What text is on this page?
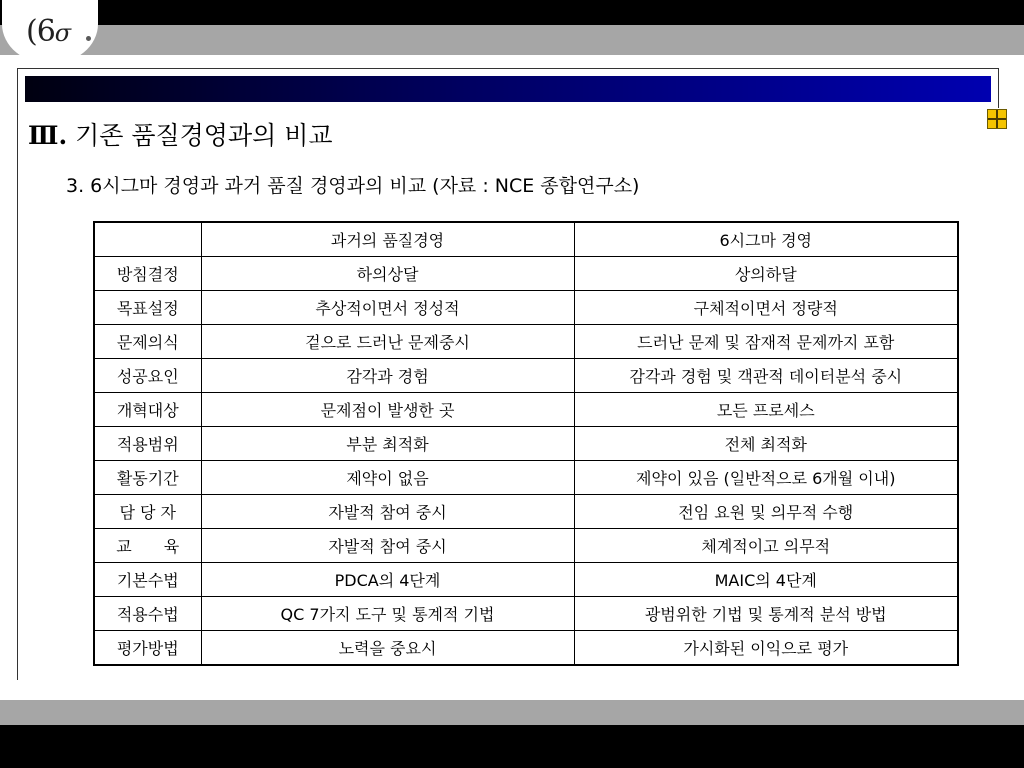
(6σ
Ⅲ. 기존 품질경영과의 비교
3. 6시그마 경영과 과거 품질 경영과의 비교 (자료 : NCE 종합연구소)
	과거의 품질경영	6시그마 경영
방침결정	하의상달	상의하달
목표설정	추상적이면서 정성적	구체적이면서 정량적
문제의식	겉으로 드러난 문제중시	드러난 문제 및 잠재적 문제까지 포함
성공요인	감각과 경험	감각과 경험 및 객관적 데이터분석 중시
개혁대상	문제점이 발생한 곳	모든 프로세스
적용범위	부분 최적화	전체 최적화
활동기간	제약이 없음	제약이 있음 (일반적으로 6개월 이내)
담 당 자	자발적 참여 중시	전임 요원 및 의무적 수행
교　　육	자발적 참여 중시	체계적이고 의무적
기본수법	PDCA의 4단계	MAIC의 4단계
적용수법	QC 7가지 도구 및 통계적 기법	광범위한 기법 및 통계적 분석 방법
평가방법	노력을 중요시	가시화된 이익으로 평가
